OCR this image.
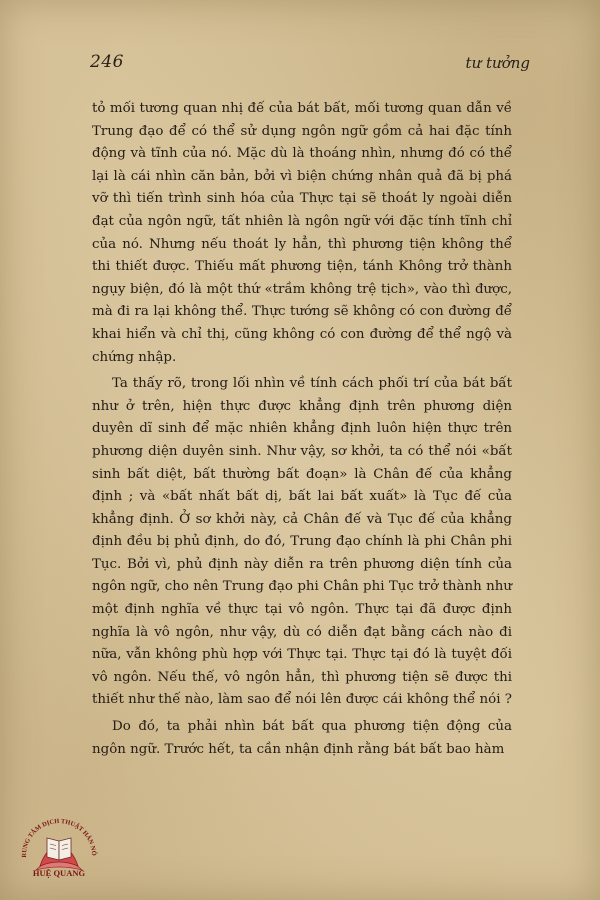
246	tư tưởng

tỏ mối tương quan nhị đế của bát bất, mối tương quan dẫn về Trung đạo để có thể sử dụng ngôn ngữ gồm cả hai đặc tính động và tĩnh của nó. Mặc dù là thoáng nhìn, nhưng đó có thể lại là cái nhìn căn bản, bởi vì biện chứng nhân quả đã bị phá vỡ thì tiến trình sinh hóa của Thực tại sẽ thoát ly ngoài diễn đạt của ngôn ngữ, tất nhiên là ngôn ngữ với đặc tính tĩnh chỉ của nó. Nhưng nếu thoát ly hẳn, thì phương tiện không thể thi thiết được. Thiếu mất phương tiện, tánh Không trở thành ngụy biện, đó là một thứ «trầm không trệ tịch», vào thì được, mà đi ra lại không thể. Thực tướng sẽ không có con đường để khai hiển và chỉ thị, cũng không có con đường để thể ngộ và chứng nhập.

Ta thấy rõ, trong lối nhìn về tính cách phối trí của bát bất như ở trên, hiện thực được khẳng định trên phương diện duyên dĩ sinh để mặc nhiên khẳng định luôn hiện thực trên phương diện duyên sinh. Như vậy, sơ khởi, ta có thể nói «bất sinh bất diệt, bất thường bất đoạn» là Chân đế của khẳng định ; và «bất nhất bất dị, bất lai bất xuất» là Tục đế của khẳng định. Ở sơ khởi này, cả Chân đế và Tục đế của khẳng định đều bị phủ định, do đó, Trung đạo chính là phi Chân phi Tục. Bởi vì, phủ định này diễn ra trên phương diện tính của ngôn ngữ, cho nên Trung đạo phi Chân phi Tục trở thành như một định nghĩa về thực tại vô ngôn. Thực tại đã được định nghĩa là vô ngôn, như vậy, dù có diễn đạt bằng cách nào đi nữa, vẫn không phù hợp với Thực tại. Thực tại đó là tuyệt đối vô ngôn. Nếu thế, vô ngôn hẳn, thì phương tiện sẽ được thi thiết như thế nào, làm sao để nói lên được cái không thể nói ?

Do đó, ta phải nhìn bát bất qua phương tiện động của ngôn ngữ. Trước hết, ta cần nhận định rằng bát bất bao hàm

RUNG TÂM DỊCH THUẬT HÁN NÔ
HUỆ QUANG
